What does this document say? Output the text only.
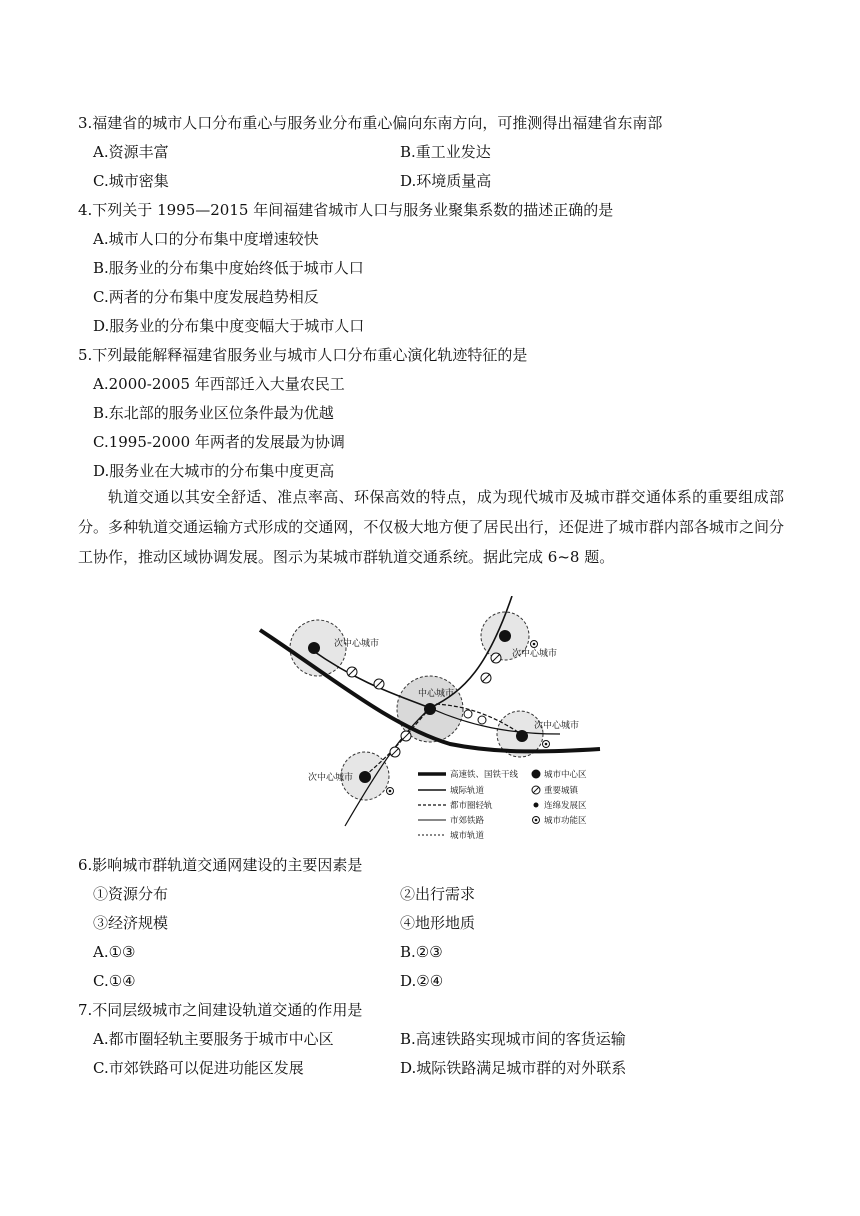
3.福建省的城市人口分布重心与服务业分布重心偏向东南方向，可推测得出福建省东南部
A.资源丰富	B.重工业发达
C.城市密集	D.环境质量高
4.下列关于 1995—2015 年间福建省城市人口与服务业聚集系数的描述正确的是
A.城市人口的分布集中度增速较快
B.服务业的分布集中度始终低于城市人口
C.两者的分布集中度发展趋势相反
D.服务业的分布集中度变幅大于城市人口
5.下列最能解释福建省服务业与城市人口分布重心演化轨迹特征的是
A.2000-2005 年西部迁入大量农民工
B.东北部的服务业区位条件最为优越
C.1995-2000 年两者的发展最为协调
D.服务业在大城市的分布集中度更高
轨道交通以其安全舒适、准点率高、环保高效的特点，成为现代城市及城市群交通体系的重要组成部分。多种轨道交通运输方式形成的交通网，不仅极大地方便了居民出行，还促进了城市群内部各城市之间分工协作，推动区域协调发展。图示为某城市群轨道交通系统。据此完成 6~8 题。
次中心城市
次中心城市
中心城市
次中心城市
次中心城市	高速铁、国铁干线
城际轨道
都市圈轻轨
市郊铁路
城市轨道
城市中心区
重要城镇
连绵发展区
城市功能区
6.影响城市群轨道交通网建设的主要因素是
①资源分布	②出行需求
③经济规模	④地形地质
A.①③	B.②③
C.①④	D.②④
7.不同层级城市之间建设轨道交通的作用是
A.都市圈轻轨主要服务于城市中心区	B.高速铁路实现城市间的客货运输
C.市郊铁路可以促进功能区发展	D.城际铁路满足城市群的对外联系
